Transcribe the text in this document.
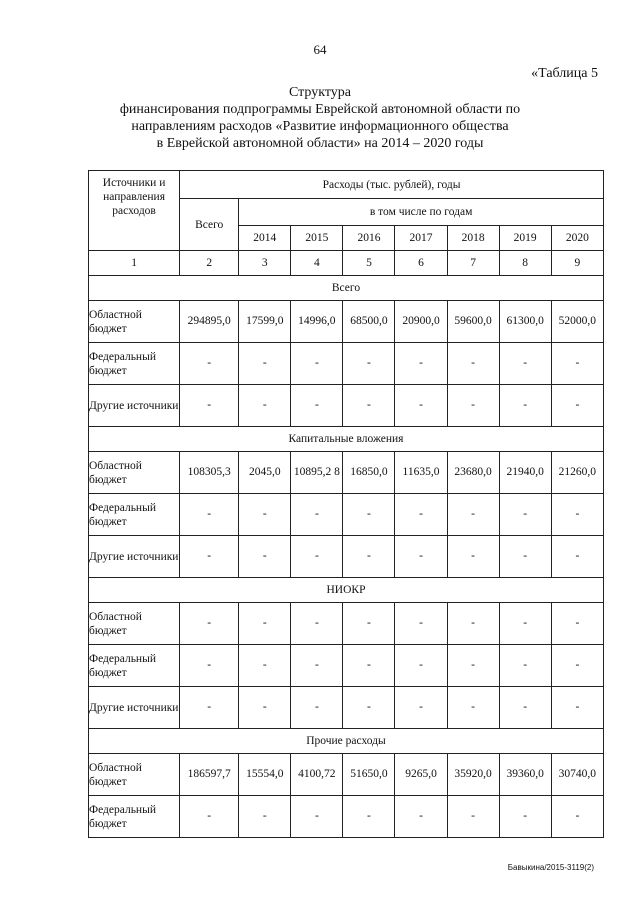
64
«Таблица 5
Структура
финансирования подпрограммы Еврейской автономной области по
направлениям расходов «Развитие информационного общества
в Еврейской автономной области» на 2014 – 2020 годы
Источники и направления расходов	Расходы (тыс. рублей), годы							
	Всего	в том числе по годам						
		2014	2015	2016	2017	2018	2019	2020
1	2	3	4	5	6	7	8	9
Всего								
Областной бюджет	294895,0	17599,0	14996,0	68500,0	20900,0	59600,0	61300,0	52000,0
Федеральный бюджет	-	-	-	-	-	-	-	-
Другие источники	-	-	-	-	-	-	-	-
Капитальные вложения								
Областной бюджет	108305,3	2045,0	10895,2 8	16850,0	11635,0	23680,0	21940,0	21260,0
Федеральный бюджет	-	-	-	-	-	-	-	-
Другие источники	-	-	-	-	-	-	-	-
НИОКР								
Областной бюджет	-	-	-	-	-	-	-	-
Федеральный бюджет	-	-	-	-	-	-	-	-
Другие источники	-	-	-	-	-	-	-	-
Прочие расходы								
Областной бюджет	186597,7	15554,0	4100,72	51650,0	9265,0	35920,0	39360,0	30740,0
Федеральный бюджет	-	-	-	-	-	-	-	-
Бавыкина/2015-3119(2)
